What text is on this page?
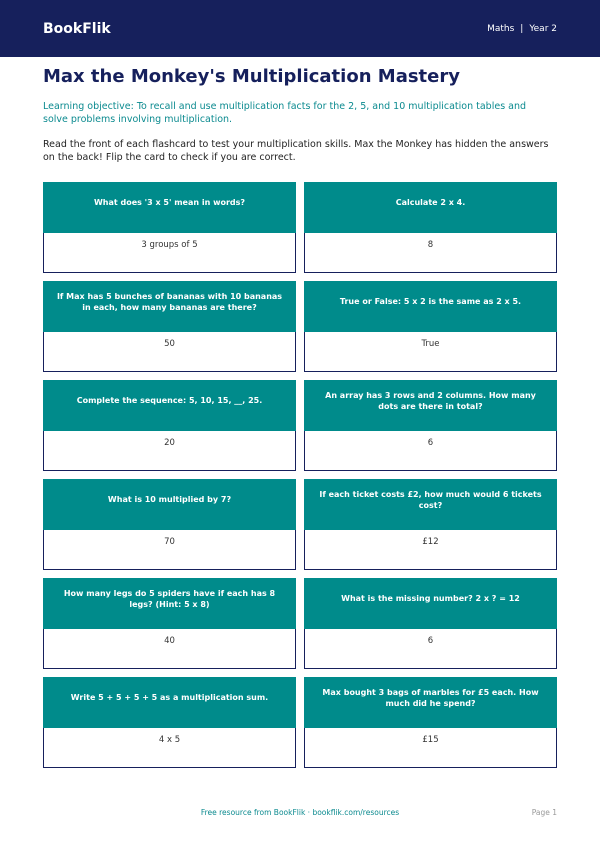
BookFlik	Maths | Year 2
Max the Monkey's Multiplication Mastery

Learning objective: To recall and use multiplication facts for the 2, 5, and 10 multiplication tables and solve problems involving multiplication.

Read the front of each flashcard to test your multiplication skills. Max the Monkey has hidden the answers on the back! Flip the card to check if you are correct.

What does '3 x 5' mean in words?
3 groups of 5
Calculate 2 x 4.
8
If Max has 5 bunches of bananas with 10 bananas in each, how many bananas are there?
50
True or False: 5 x 2 is the same as 2 x 5.
True
Complete the sequence: 5, 10, 15, __, 25.
20
An array has 3 rows and 2 columns. How many dots are there in total?
6
What is 10 multiplied by 7?
70
If each ticket costs £2, how much would 6 tickets cost?
£12
How many legs do 5 spiders have if each has 8 legs? (Hint: 5 x 8)
40
What is the missing number? 2 x ? = 12
6
Write 5 + 5 + 5 + 5 as a multiplication sum.
4 x 5
Max bought 3 bags of marbles for £5 each. How much did he spend?
£15
Free resource from BookFlik · bookflik.com/resources	Page 1
